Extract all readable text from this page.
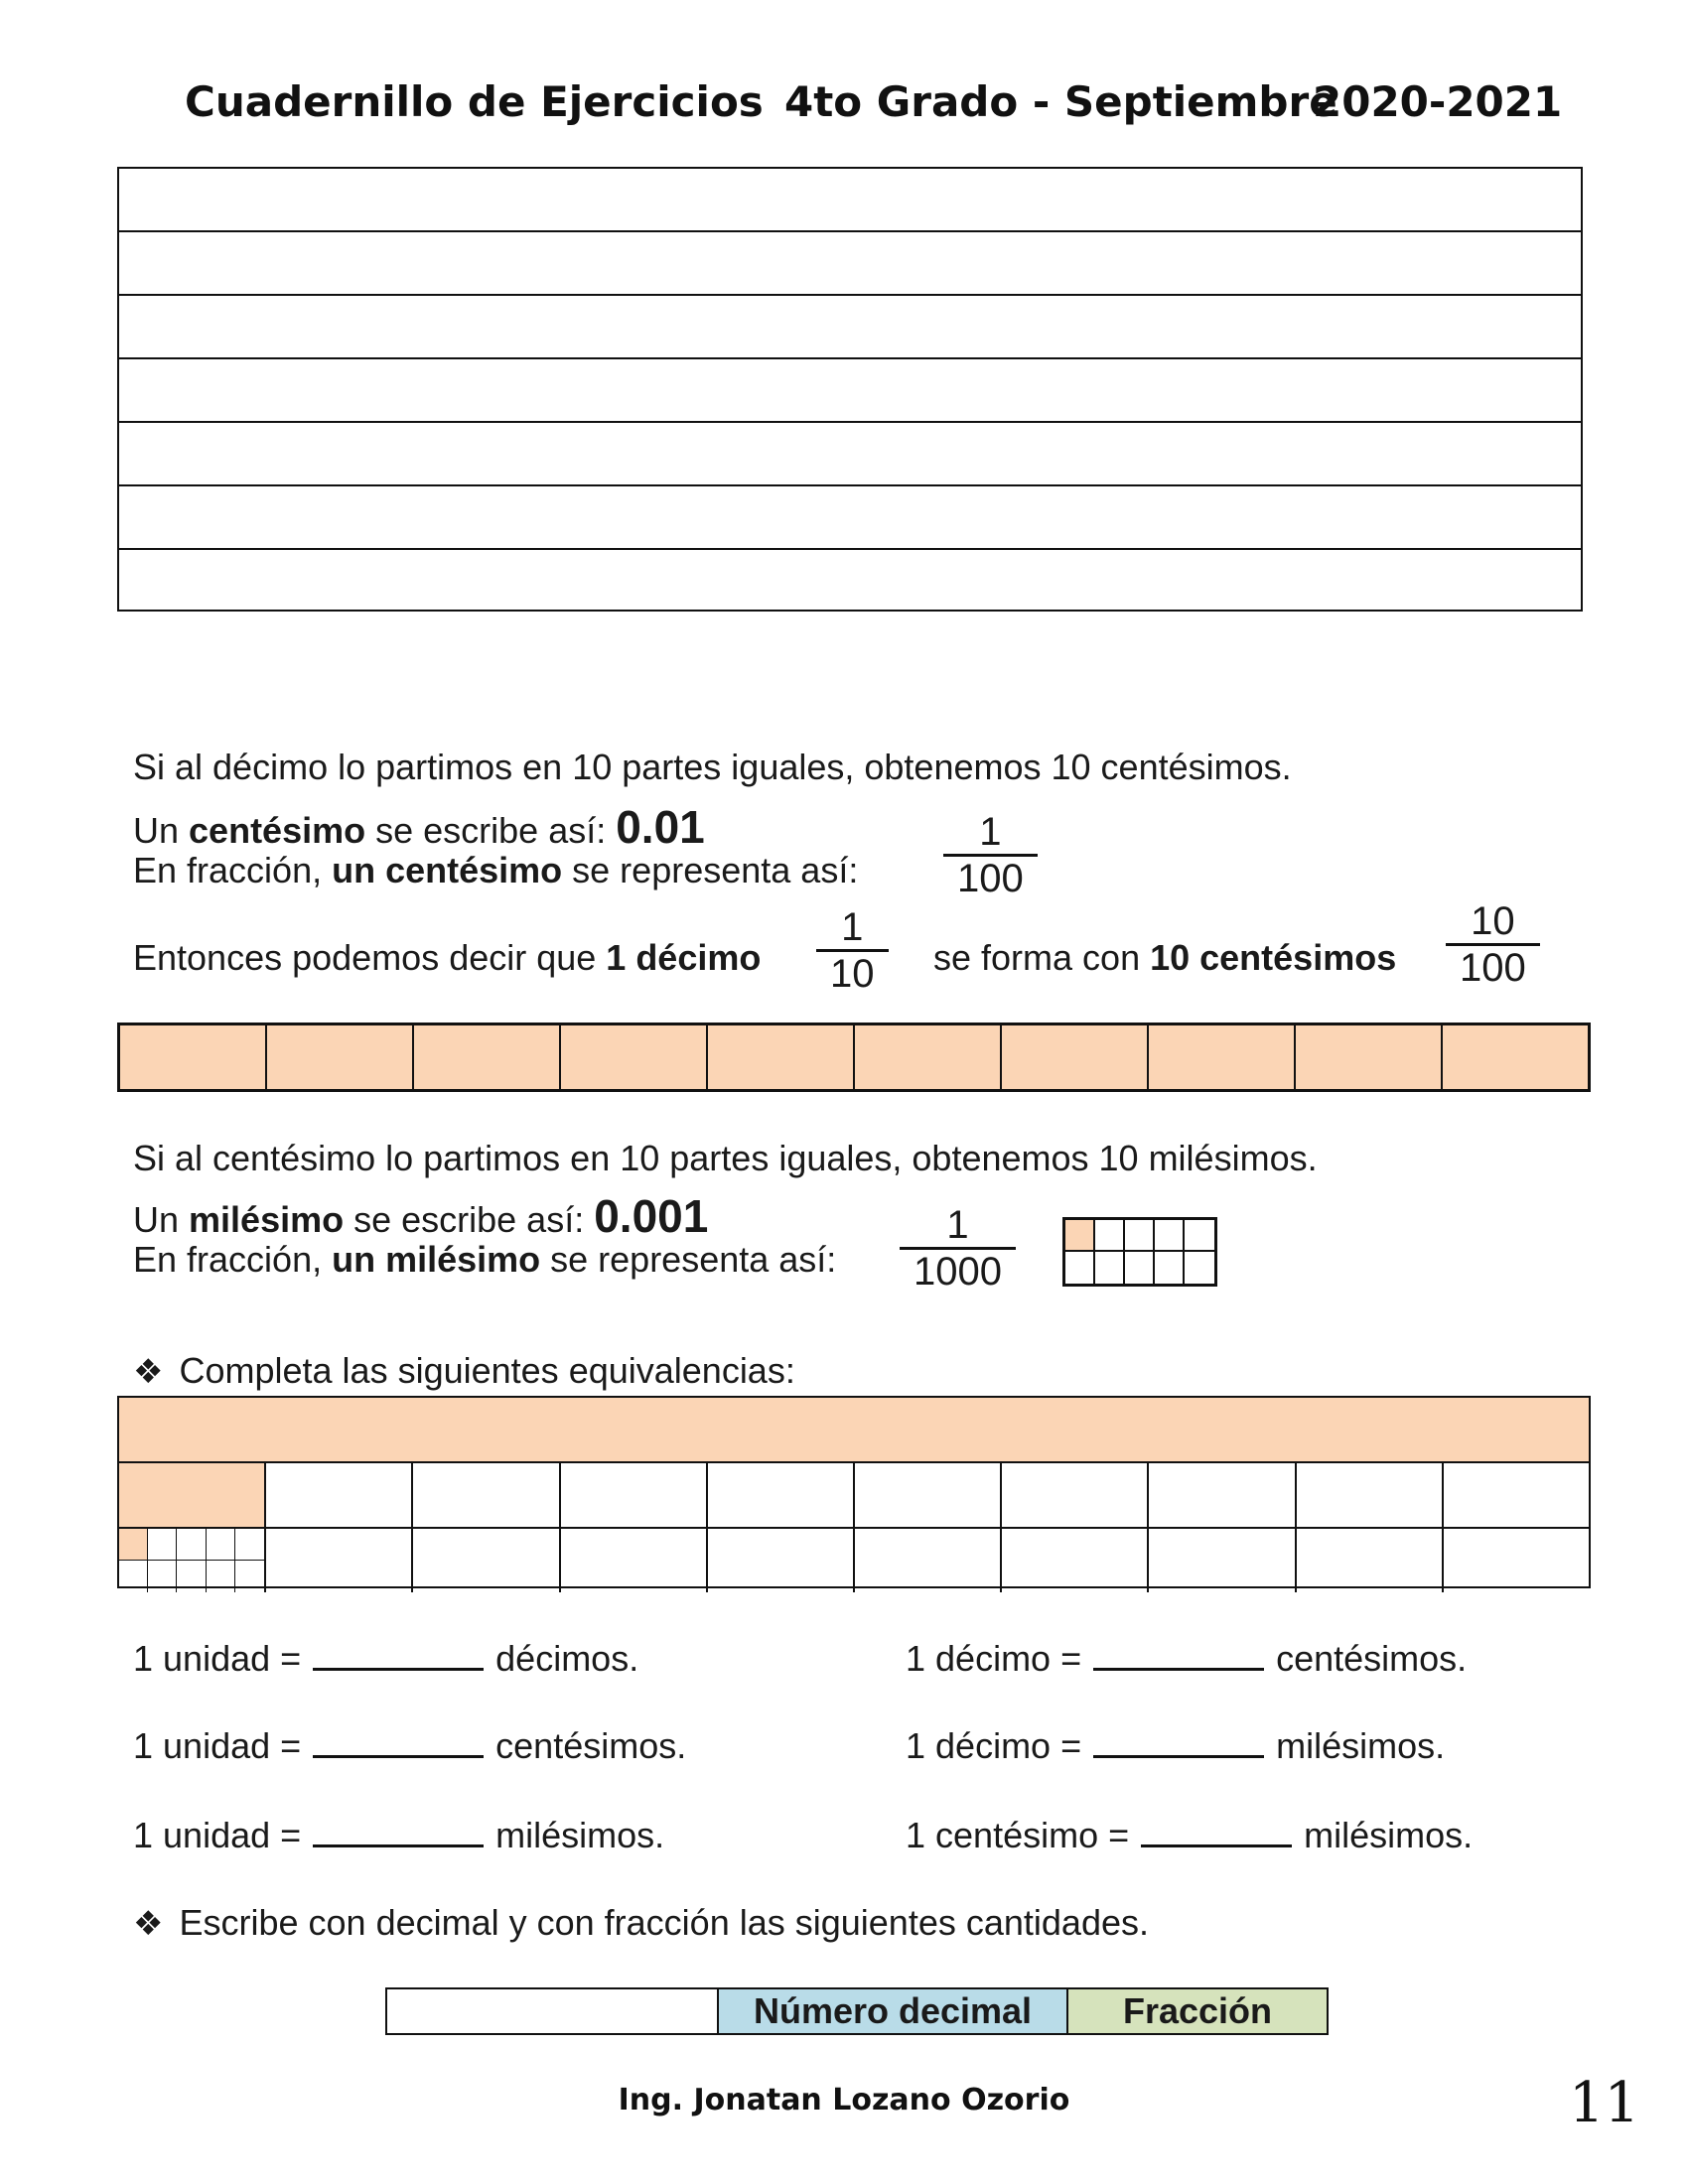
Cuadernillo de Ejercicios 4to Grado - Septiembre
2020-2021
Si al décimo lo partimos en 10 partes iguales, obtenemos 10 centésimos.
Un centésimo se escribe así: 0.01
En fracción, un centésimo se representa así:
1
100
Entonces podemos decir que 1 décimo
1
10	se forma con 10 centésimos
10
100
Si al centésimo lo partimos en 10 partes iguales, obtenemos 10 milésimos.
Un milésimo se escribe así: 0.001
En fracción, un milésimo se representa así:
1
1000
❖ Completa las siguientes equivalencias:
1 unidad =	décimos.	1 décimo =	centésimos.
1 unidad =	centésimos.	1 décimo =	milésimos.
1 unidad =	milésimos.	1 centésimo =	milésimos.
❖ Escribe con decimal y con fracción las siguientes cantidades.
Número decimal	Fracción
Ing. Jonatan Lozano Ozorio	11
